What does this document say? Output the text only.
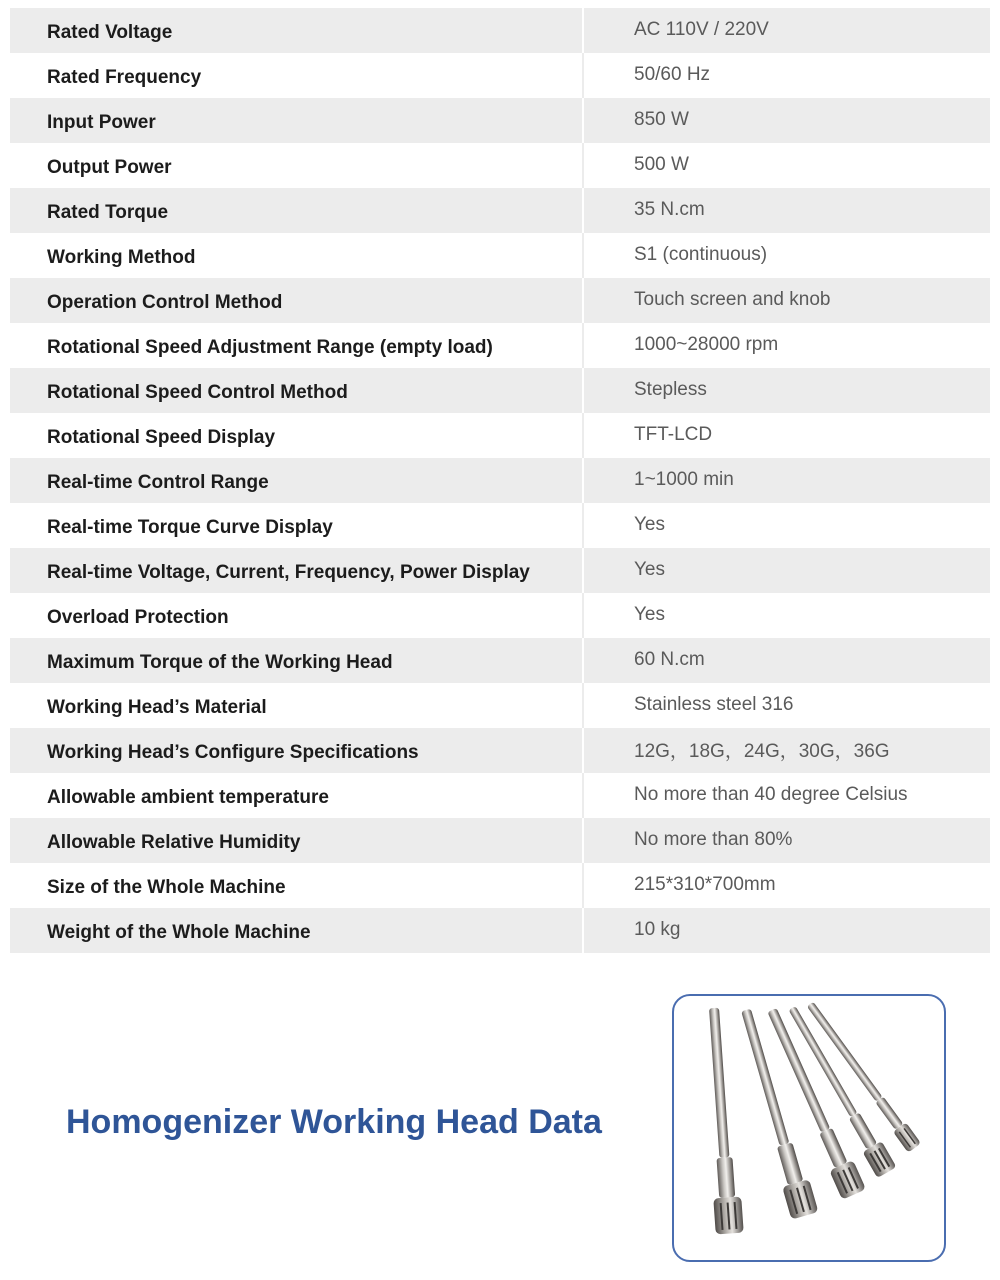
Rated Voltage	AC 110V / 220V
Rated Frequency	50/60 Hz
Input Power	850 W
Output Power	500 W
Rated Torque	35 N.cm
Working Method	S1 (continuous)
Operation Control Method	Touch screen and knob
Rotational Speed Adjustment Range (empty load)	1000~28000 rpm
Rotational Speed Control Method	Stepless
Rotational Speed Display	TFT-LCD
Real-time Control Range	1~1000 min
Real-time Torque Curve Display	Yes
Real-time Voltage, Current, Frequency, Power Display	Yes
Overload Protection	Yes
Maximum Torque of the Working Head	60 N.cm
Working Head’s Material	Stainless steel 316
Working Head’s Configure Specifications	12G，18G，24G，30G，36G
Allowable ambient temperature	No more than 40 degree Celsius
Allowable Relative Humidity	No more than 80%
Size of the Whole Machine	215*310*700mm
Weight of the Whole Machine	10 kg
Homogenizer Working Head Data
